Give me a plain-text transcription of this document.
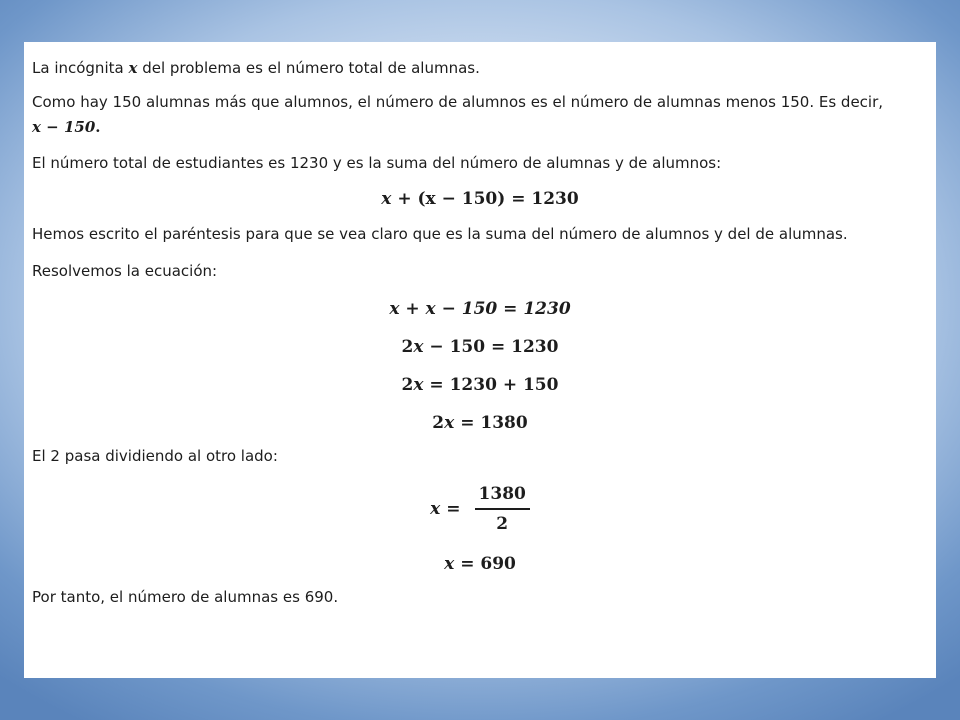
La incógnita x del problema es el número total de alumnas.

Como hay 150 alumnas más que alumnos, el número de alumnos es el número de alumnas menos 150. Es decir,
x − 150.

El número total de estudiantes es 1230 y es la suma del número de alumnas y de alumnos:

x + (x − 150) = 1230

Hemos escrito el paréntesis para que se vea claro que es la suma del número de alumnos y del de alumnas.

Resolvemos la ecuación:

x + x − 150 = 1230
2x − 150 = 1230
2x = 1230 + 150
2x = 1380

El 2 pasa dividiendo al otro lado:

$x = \frac{1380}{2}$
x = 690

Por tanto, el número de alumnas es 690.
